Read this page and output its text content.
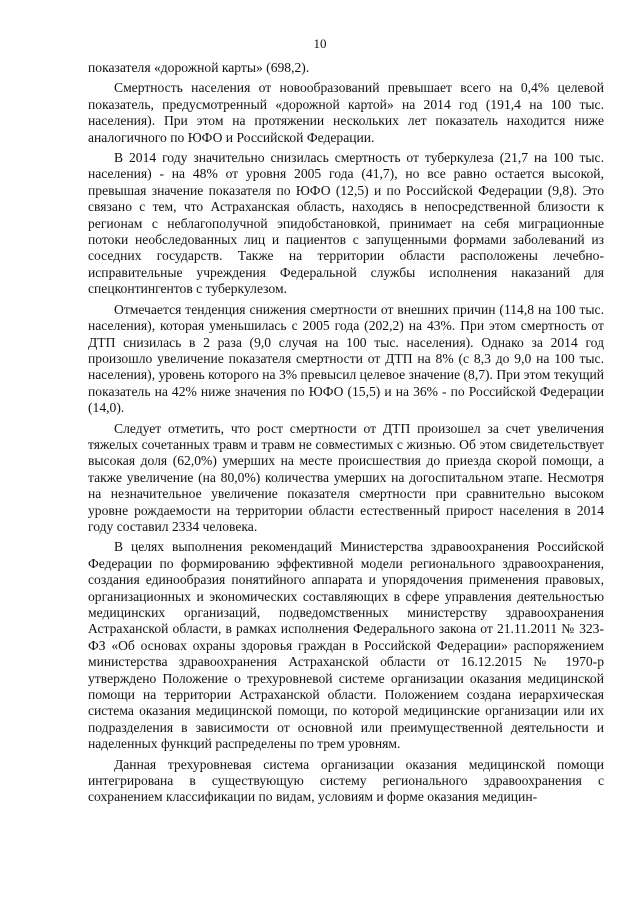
10

показателя «дорожной карты» (698,2).

Смертность населения от новообразований превышает всего на 0,4% целевой показатель, предусмотренный «дорожной картой» на 2014 год (191,4 на 100 тыс. населения). При этом на протяжении нескольких лет показатель находится ниже аналогичного по ЮФО и Российской Федерации.

В 2014 году значительно снизилась смертность от туберкулеза (21,7 на 100 тыс. населения) - на 48% от уровня 2005 года (41,7), но все равно остается высокой, превышая значение показателя по ЮФО (12,5) и по Российской Федерации (9,8). Это связано с тем, что Астраханская область, находясь в непосредственной близости к регионам с неблагополучной эпидобстановкой, принимает на себя миграционные потоки необследованных лиц и пациентов с запущенными формами заболеваний из соседних государств. Также на территории области расположены лечебно-исправительные учреждения Федеральной службы исполнения наказаний для спецконтингентов с туберкулезом.

Отмечается тенденция снижения смертности от внешних причин (114,8 на 100 тыс. населения), которая уменьшилась с 2005 года (202,2) на 43%. При этом смертность от ДТП снизилась в 2 раза (9,0 случая на 100 тыс. населения). Однако за 2014 год произошло увеличение показателя смертности от ДТП на 8% (с 8,3 до 9,0 на 100 тыс. населения), уровень которого на 3% превысил целевое значение (8,7). При этом текущий показатель на 42% ниже значения по ЮФО (15,5) и на 36% - по Российской Федерации (14,0).

Следует отметить, что рост смертности от ДТП произошел за счет увеличения тяжелых сочетанных травм и травм не совместимых с жизнью. Об этом свидетельствует высокая доля (62,0%) умерших на месте происшествия до приезда скорой помощи, а также увеличение (на 80,0%) количества умерших на догоспитальном этапе. Несмотря на незначительное увеличение показателя смертности при сравнительно высоком уровне рождаемости на территории области естественный прирост населения в 2014 году составил 2334 человека.

В целях выполнения рекомендаций Министерства здравоохранения Российской Федерации по формированию эффективной модели регионального здравоохранения, создания единообразия понятийного аппарата и упорядочения применения правовых, организационных и экономических составляющих в сфере управления деятельностью медицинских организаций, подведомственных министерству здравоохранения Астраханской области, в рамках исполнения Федерального закона от 21.11.2011 № 323-ФЗ «Об основах охраны здоровья граждан в Российской Федерации» распоряжением министерства здравоохранения Астраханской области от 16.12.2015 № 1970-р утверждено Положение о трехуровневой системе организации оказания медицинской помощи на территории Астраханской области. Положением создана иерархическая система оказания медицинской помощи, по которой медицинские организации или их подразделения в зависимости от основной или преимущественной деятельности и наделенных функций распределены по трем уровням.

Данная трехуровневая система организации оказания медицинской помощи интегрирована в существующую систему регионального здравоохранения с сохранением классификации по видам, условиям и форме оказания медицин-
